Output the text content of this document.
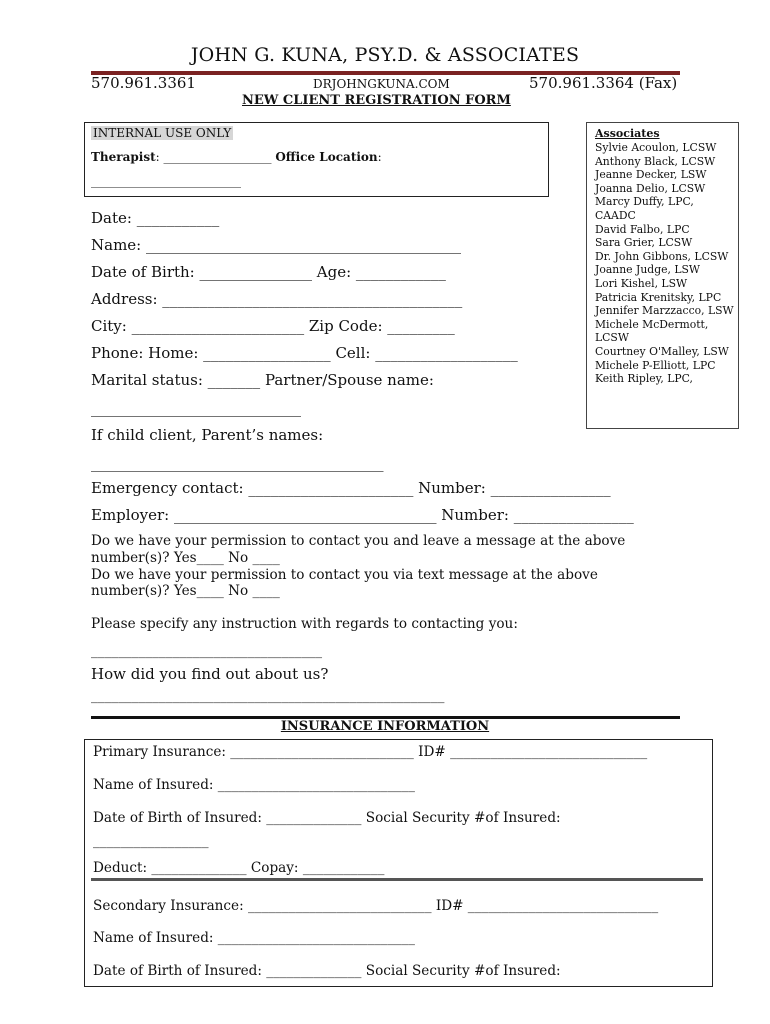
JOHN G. KUNA, PSY.D. & ASSOCIATES
570.961.3361	DRJOHNGKUNA.COM	570.961.3364 (Fax)
NEW CLIENT REGISTRATION FORM
INTERNAL USE ONLY
Therapist: __________________ Office Location:
_________________________
Associates
Sylvie Acoulon, LCSW
Anthony Black, LCSW
Jeanne Decker, LSW
Joanna Delio, LCSW
Marcy Duffy, LPC, CAADC
David Falbo, LPC
Sara Grier, LCSW
Dr. John Gibbons, LCSW
Joanne Judge, LSW
Lori Kishel, LSW
Patricia Krenitsky, LPC
Jennifer Marzzacco, LSW
Michele McDermott, LCSW
Courtney O'Malley, LSW
Michele P-Elliott, LPC
Keith Ripley, LPC,
Date: ___________
Name: __________________________________________
Date of Birth: _______________ Age: ____________
Address: ________________________________________
City: _______________________ Zip Code: _________
Phone: Home: _________________ Cell: ___________________
Marital status: _______ Partner/Spouse name:
____________________________
If child client, Parent’s names:
_______________________________________
Emergency contact: ______________________ Number: ________________
Employer: ___________________________________ Number: ________________
Do we have your permission to contact you and leave a message at the above
number(s)? Yes____ No ____
Do we have your permission to contact you via text message at the above
number(s)? Yes____ No ____
Please specify any instruction with regards to contacting you:
__________________________________
How did you find out about us?
____________________________________________________
INSURANCE INFORMATION
Primary Insurance: ___________________________ ID# _____________________________
Name of Insured: _____________________________
Date of Birth of Insured: ______________ Social Security #of Insured:
_________________
Deduct: ______________ Copay: ____________
Secondary Insurance: ___________________________ ID# ____________________________
Name of Insured: _____________________________
Date of Birth of Insured: ______________ Social Security #of Insured:
